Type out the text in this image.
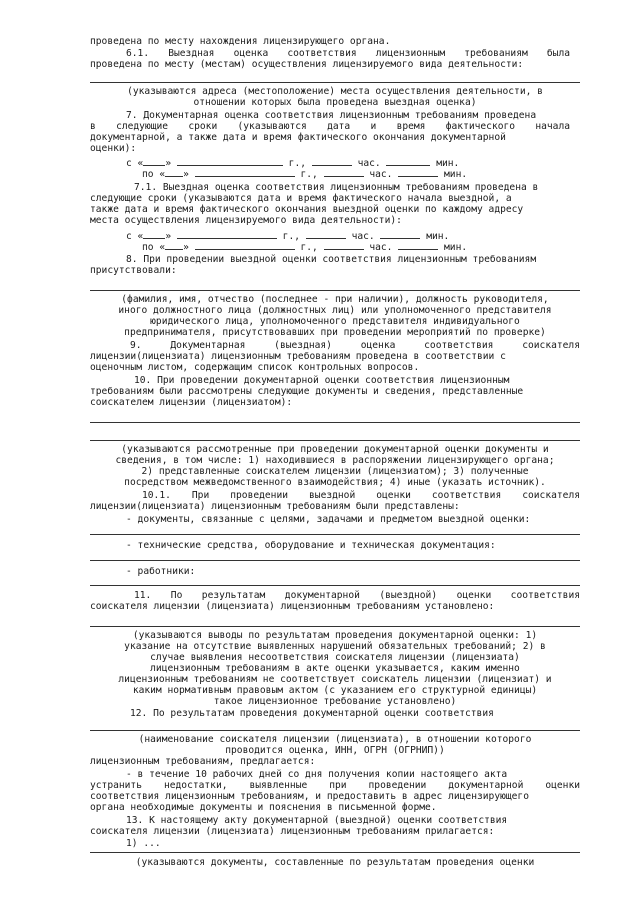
проведена по месту нахождения лицензирующего органа.
6.1. Выездная оценка соответствия лицензионным требованиям была
проведена по месту (местам) осуществления лицензируемого вида деятельности:
(указываются адреса (местоположение) места осуществления деятельности, в
отношении которых была проведена выездная оценка)
7. Документарная оценка соответствия лицензионным требованиям проведена
в следующие сроки (указываются дата и время фактического начала
документарной, а также дата и время фактического окончания документарной
оценки):
с « »	г.,	час.	мин.
по « »	г.,	час.	мин.
7.1. Выездная оценка соответствия лицензионным требованиям проведена в
следующие сроки (указываются дата и время фактического начала выездной, а
также дата и время фактического окончания выездной оценки по каждому адресу
места осуществления лицензируемого вида деятельности):
с « »	г.,	час.	мин.
по « »	г.,	час.	мин.
8. При проведении выездной оценки соответствия лицензионным требованиям
присутствовали:
(фамилия, имя, отчество (последнее - при наличии), должность руководителя,
иного должностного лица (должностных лиц) или уполномоченного представителя
юридического лица, уполномоченного представителя индивидуального
предпринимателя, присутствовавших при проведении мероприятий по проверке)
9. Документарная (выездная) оценка соответствия соискателя
лицензии(лицензиата) лицензионным требованиям проведена в соответствии с
оценочным листом, содержащим список контрольных вопросов.
10. При проведении документарной оценки соответствия лицензионным
требованиям были рассмотрены следующие документы и сведения, представленные
соискателем лицензии (лицензиатом):
(указываются рассмотренные при проведении документарной оценки документы и
сведения, в том числе: 1) находившиеся в распоряжении лицензирующего органа;
2) представленные соискателем лицензии (лицензиатом); 3) полученные
посредством межведомственного взаимодействия; 4) иные (указать источник).
10.1. При проведении выездной оценки соответствия соискателя
лицензии(лицензиата) лицензионным требованиям были представлены:
- документы, связанные с целями, задачами и предметом выездной оценки:
- технические средства, оборудование и техническая документация:
- работники:
11. По результатам документарной (выездной) оценки соответствия
соискателя лицензии (лицензиата) лицензионным требованиям установлено:
(указываются выводы по результатам проведения документарной оценки: 1)
указание на отсутствие выявленных нарушений обязательных требований; 2) в
случае выявления несоответствия соискателя лицензии (лицензиата)
лицензионным требованиям в акте оценки указывается, каким именно
лицензионным требованиям не соответствует соискатель лицензии (лицензиат) и
каким нормативным правовым актом (с указанием его структурной единицы)
такое лицензионное требование установлено)
12. По результатам проведения документарной оценки соответствия
(наименование соискателя лицензии (лицензиата), в отношении которого
проводится оценка, ИНН, ОГРН (ОГРНИП))
лицензионным требованиям, предлагается:
- в течение 10 рабочих дней со дня получения копии настоящего акта
устранить недостатки, выявленные при проведении документарной оценки
соответствия лицензионным требованиям, и предоставить в адрес лицензирующего
органа необходимые документы и пояснения в письменной форме.
13. К настоящему акту документарной (выездной) оценки соответствия
соискателя лицензии (лицензиата) лицензионным требованиям прилагается:
1) ...
(указываются документы, составленные по результатам проведения оценки
